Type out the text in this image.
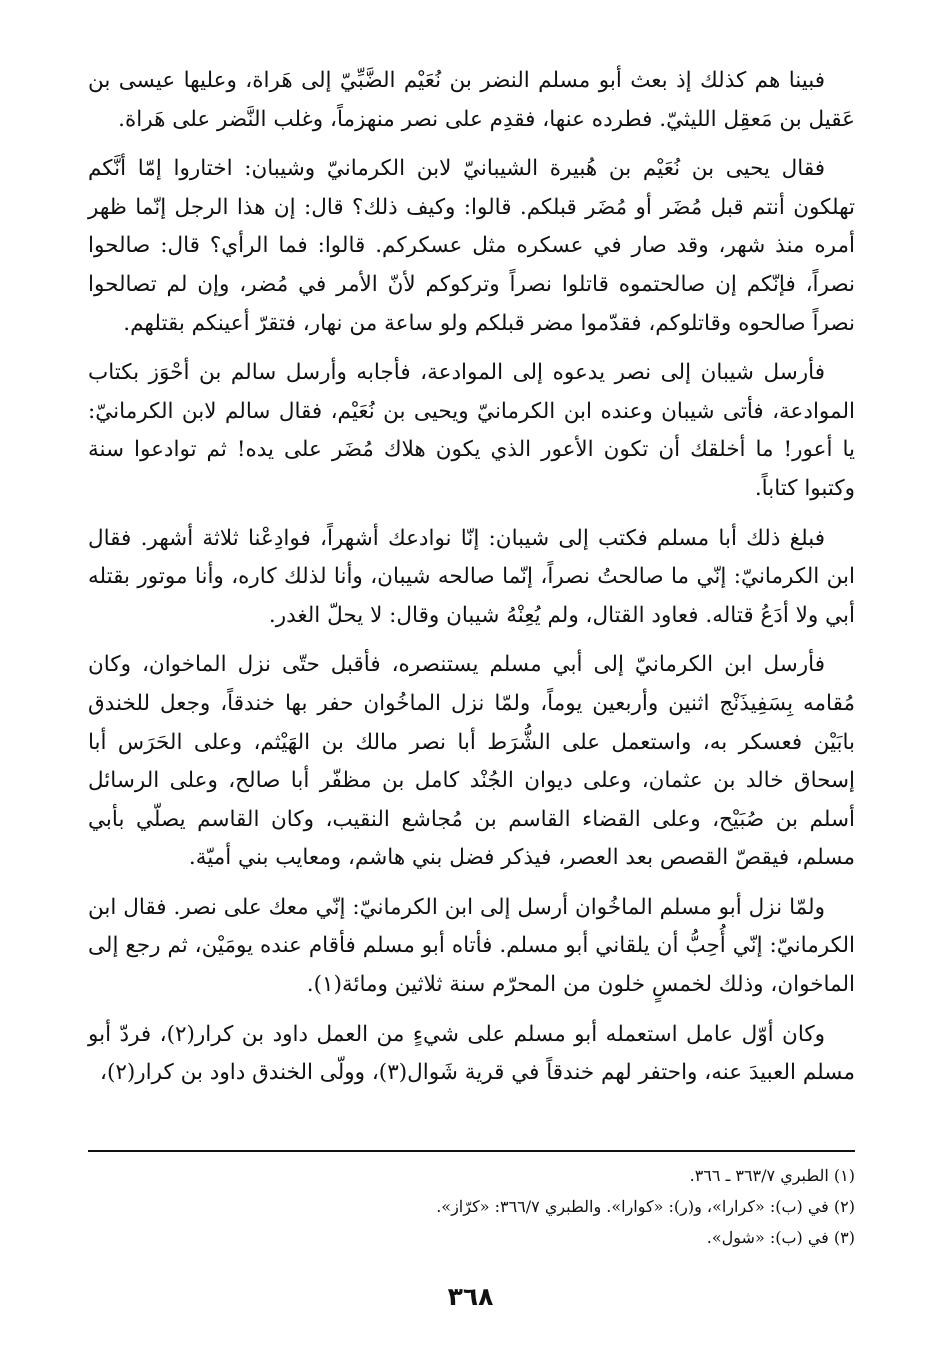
فبينا هم كذلك إذ بعث أبو مسلم النضر بن نُعَيْم الضَّبِّيّ إلى هَراة، وعليها عيسى بن عَقيل بن مَعقِل الليثيّ. فطرده عنها، فقدِم على نصر منهزماً، وغلب النَّضر على هَراة.

فقال يحيى بن نُعَيْم بن هُبيرة الشيبانيّ لابن الكرمانيّ وشيبان: اختاروا إمّا أنَّكم تهلكون أنتم قبل مُضَر أو مُضَر قبلكم. قالوا: وكيف ذلك؟ قال: إن هذا الرجل إنّما ظهر أمره منذ شهر، وقد صار في عسكره مثل عسكركم. قالوا: فما الرأي؟ قال: صالحوا نصراً، فإنّكم إن صالحتموه قاتلوا نصراً وتركوكم لأنّ الأمر في مُضر، وإن لم تصالحوا نصراً صالحوه وقاتلوكم، فقدّموا مضر قبلكم ولو ساعة من نهار، فتقرّ أعينكم بقتلهم.

فأرسل شيبان إلى نصر يدعوه إلى الموادعة، فأجابه وأرسل سالم بن أحْوَز بكتاب الموادعة، فأتى شيبان وعنده ابن الكرمانيّ ويحيى بن نُعَيْم، فقال سالم لابن الكرمانيّ: يا أعور! ما أخلقك أن تكون الأعور الذي يكون هلاك مُضَر على يده! ثم توادعوا سنة وكتبوا كتاباً.

فبلغ ذلك أبا مسلم فكتب إلى شيبان: إنّا نوادعك أشهراً، فوادِعْنا ثلاثة أشهر. فقال ابن الكرمانيّ: إنّي ما صالحتُ نصراً، إنّما صالحه شيبان، وأنا لذلك كاره، وأنا موتور بقتله أبي ولا أدَعُ قتاله. فعاود القتال، ولم يُعِنْهُ شيبان وقال: لا يحلّ الغدر.

فأرسل ابن الكرمانيّ إلى أبي مسلم يستنصره، فأقبل حتّى نزل الماخوان، وكان مُقامه بِسَفِيذَنْج اثنين وأربعين يوماً، ولمّا نزل الماخُوان حفر بها خندقاً، وجعل للخندق بابَيْن فعسكر به، واستعمل على الشُّرَط أبا نصر مالك بن الهَيْثم، وعلى الحَرَس أبا إسحاق خالد بن عثمان، وعلى ديوان الجُنْد كامل بن مظفّر أبا صالح، وعلى الرسائل أسلم بن صُبَيْح، وعلى القضاء القاسم بن مُجاشع النقيب، وكان القاسم يصلّي بأبي مسلم، فيقصّ القصص بعد العصر، فيذكر فضل بني هاشم، ومعايب بني أميّة.

ولمّا نزل أبو مسلم الماخُوان أرسل إلى ابن الكرمانيّ: إنّي معك على نصر. فقال ابن الكرمانيّ: إنّي أُحِبُّ أن يلقاني أبو مسلم. فأتاه أبو مسلم فأقام عنده يومَيْن، ثم رجع إلى الماخوان، وذلك لخمسٍ خلون من المحرّم سنة ثلاثين ومائة(١).

وكان أوّل عامل استعمله أبو مسلم على شيءٍ من العمل داود بن كرار(٢)، فردّ أبو مسلم العبيدَ عنه، واحتفر لهم خندقاً في قرية شَوال(٣)، وولّى الخندق داود بن كرار(٢)،

(١) الطبري ٣٦٣/٧ ـ ٣٦٦.

(٢) في (ب): «كرارا»، و(ر): «كوارا». والطبري ٣٦٦/٧: «كرّاز».

(٣) في (ب): «شول».

٣٦٨
